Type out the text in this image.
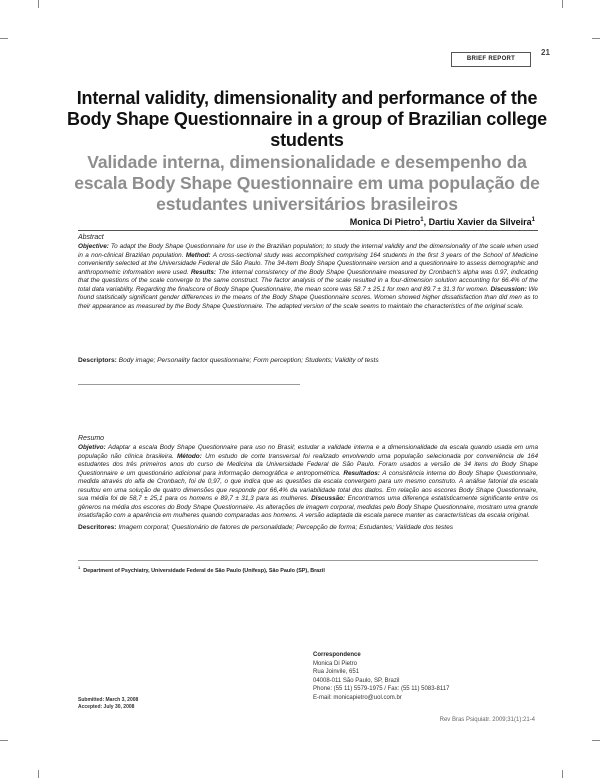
BRIEF REPORT
21
Internal validity, dimensionality and performance of the Body Shape Questionnaire in a group of Brazilian college students
Validade interna, dimensionalidade e desempenho da escala Body Shape Questionnaire em uma população de estudantes universitários brasileiros
Monica Di Pietro$^1$, Dartiu Xavier da Silveira$^1$
Abstract
Objective: To adapt the Body Shape Questionnaire for use in the Brazilian population; to study the internal validity and the dimensionality of the scale when used in a non-clinical Brazilian population. Method: A cross-sectional study was accomplished comprising 164 students in the first 3 years of the School of Medicine conveniently selected at the Universidade Federal de São Paulo. The 34-item Body Shape Questionnaire version and a questionnaire to assess demographic and anthropometric information were used. Results: The internal consistency of the Body Shape Questionnaire measured by Cronbach's alpha was 0.97, indicating that the questions of the scale converge to the same construct. The factor analysis of the scale resulted in a four-dimension solution accounting for 66.4% of the total data variability. Regarding the finalscore of Body Shape Questionnaire, the mean score was 58.7 ± 25.1 for men and 89.7 ± 31.3 for women. Discussion: We found statistically significant gender differences in the means of the Body Shape Questionnaire scores. Women showed higher dissatisfaction than did men as to their appearance as measured by the Body Shape Questionnaire. The adapted version of the scale seems to maintain the characteristics of the original scale.
Descriptors: Body image; Personality factor questionnaire; Form perception; Students; Validity of tests
Resumo
Objetivo: Adaptar a escala Body Shape Questionnaire para uso no Brasil; estudar a validade interna e a dimensionalidade da escala quando usada em uma população não clínica brasileira. Método: Um estudo de corte transversal foi realizado envolvendo uma população selecionada por conveniência de 164 estudantes dos três primeiros anos do curso de Medicina da Universidade Federal de São Paulo. Foram usados a versão de 34 itens do Body Shape Questionnaire e um questionário adicional para informação demográfica e antropométrica. Resultados: A consistência interna do Body Shape Questionnaire, medida através do alfa de Cronbach, foi de 0,97, o que indica que as questões da escala convergem para um mesmo construto. A análise fatorial da escala resultou em uma solução de quatro dimensões que responde por 66,4% da variabilidade total dos dados. Em relação aos escores Body Shape Questionnaire, sua média foi de 58,7 ± 25,1 para os homens e 89,7 ± 31,3 para as mulheres. Discussão: Encontramos uma diferença estatisticamente significante entre os gêneros na média dos escores do Body Shape Questionnaire. As alterações de imagem corporal, medidas pelo Body Shape Questionnaire, mostram uma grande insatisfação com a aparência em mulheres quando comparadas aos homens. A versão adaptada da escala parece manter as características da escala original.
Descritores: Imagem corporal; Questionário de fatores de personalidade; Percepção de forma; Estudantes; Validade dos testes
$^1$  Department of Psychiatry, Universidade Federal de São Paulo (Unifesp), São Paulo (SP), Brazil
Correspondence
Monica Di Pietro
Rua Joinvile, 651
04008-011 São Paulo, SP, Brazil
Phone: (55 11) 5579-1975 / Fax: (55 11) 5083-8117
E-mail: monicapietro@uol.com.br
Submitted: March 3, 2008
Accepted: July 30, 2008
Rev Bras Psiquiatr. 2009;31(1):21-4
